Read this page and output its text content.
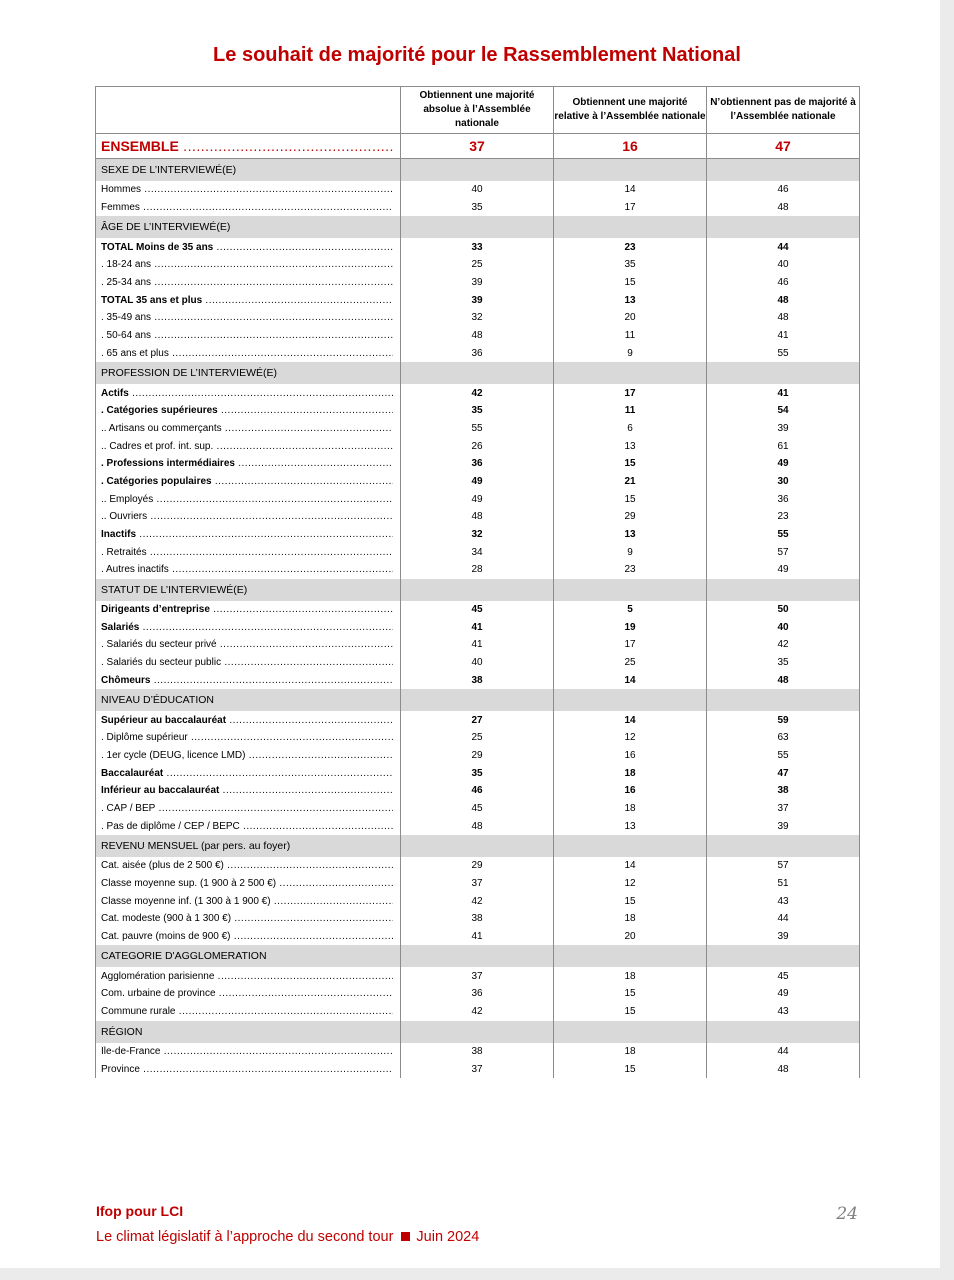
Le souhait de majorité pour le Rassemblement National
	Obtiennent une majorité absolue à l’Assemblée nationale	Obtiennent une majorité relative à l’Assemblée nationale	N’obtiennent pas de majorité à l’Assemblée nationale

ENSEMBLE .....	37	16	47

SEXE DE L’INTERVIEWÉ(E)			

Hommes .....	40	14	46

Femmes .....	35	17	48

ÂGE DE L’INTERVIEWÉ(E)			

TOTAL Moins de 35 ans .....	33	23	44

. 18-24 ans .....	25	35	40

. 25-34 ans .....	39	15	46

TOTAL 35 ans et plus .....	39	13	48

. 35-49 ans .....	32	20	48

. 50-64 ans .....	48	11	41

. 65 ans et plus .....	36	9	55

PROFESSION DE L’INTERVIEWÉ(E)			

Actifs .....	42	17	41

. Catégories supérieures .....	35	11	54

.. Artisans ou commerçants .....	55	6	39

.. Cadres et prof. int. sup. .....	26	13	61

. Professions intermédiaires .....	36	15	49

. Catégories populaires .....	49	21	30

.. Employés .....	49	15	36

.. Ouvriers .....	48	29	23

Inactifs .....	32	13	55

. Retraités .....	34	9	57

. Autres inactifs .....	28	23	49

STATUT DE L’INTERVIEWÉ(E)			

Dirigeants d’entreprise .....	45	5	50

Salariés .....	41	19	40

. Salariés du secteur privé .....	41	17	42

. Salariés du secteur public .....	40	25	35

Chômeurs .....	38	14	48

NIVEAU D’ÉDUCATION			

Supérieur au baccalauréat .....	27	14	59

. Diplôme supérieur .....	25	12	63

. 1er cycle (DEUG, licence LMD) .....	29	16	55

Baccalauréat .....	35	18	47

Inférieur au baccalauréat .....	46	16	38

. CAP / BEP .....	45	18	37

. Pas de diplôme / CEP / BEPC .....	48	13	39

REVENU MENSUEL (par pers. au foyer)			

Cat. aisée (plus de 2 500 €) .....	29	14	57

Classe moyenne sup. (1 900 à 2 500 €) .....	37	12	51

Classe moyenne inf. (1 300 à 1 900 €) .....	42	15	43

Cat. modeste (900 à 1 300 €) .....	38	18	44

Cat. pauvre (moins de 900 €) .....	41	20	39

CATEGORIE D'AGGLOMERATION			

Agglomération parisienne .....	37	18	45

Com. urbaine de province .....	36	15	49

Commune rurale .....	42	15	43

RÉGION			

Île-de-France .....	38	18	44

Province .....	37	15	48
Ifop pour LCI
Le climat législatif à l’approche du second tour Juin 2024
24
